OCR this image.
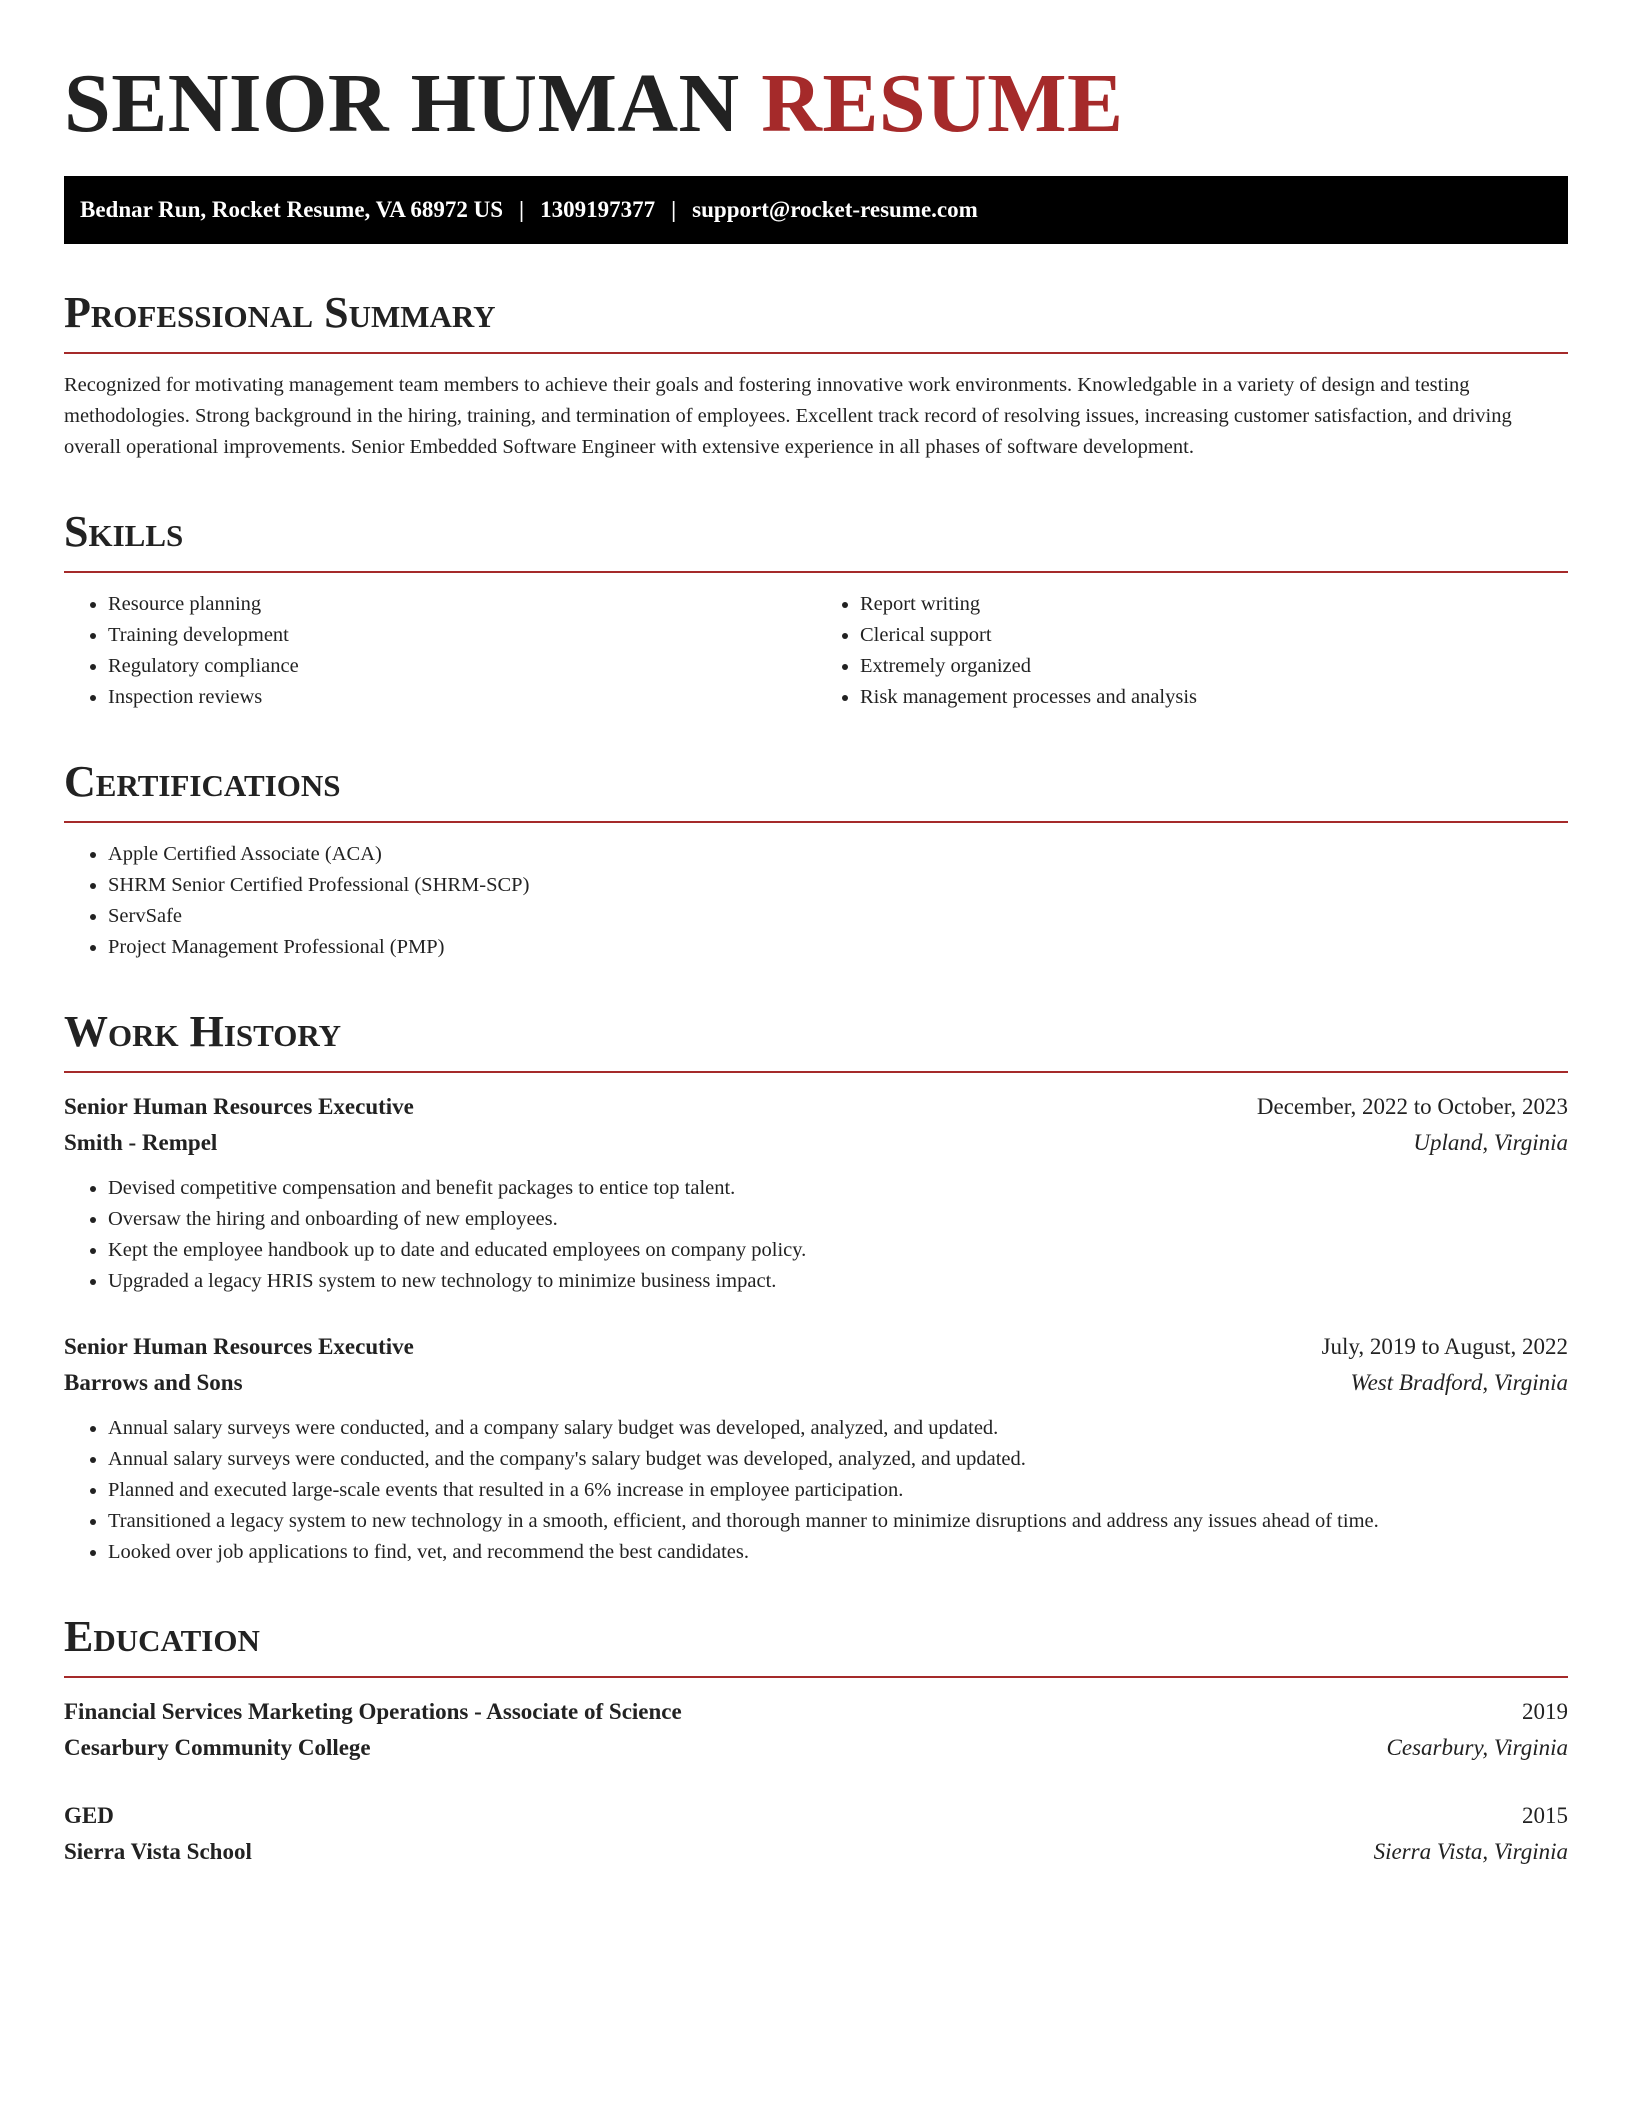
SENIOR HUMAN RESUME
Bednar Run, Rocket Resume, VA 68972 US | 1309197377 | support@rocket-resume.com
Professional Summary

Recognized for motivating management team members to achieve their goals and fostering innovative work environments. Knowledgable in a variety of design and testing methodologies. Strong background in the hiring, training, and termination of employees. Excellent track record of resolving issues, increasing customer satisfaction, and driving overall operational improvements. Senior Embedded Software Engineer with extensive experience in all phases of software development.

Skills
• Resource planning
• Training development
• Regulatory compliance
• Inspection reviews
• Report writing
• Clerical support
• Extremely organized
• Risk management processes and analysis
Certifications
• Apple Certified Associate (ACA)
• SHRM Senior Certified Professional (SHRM-SCP)
• ServSafe
• Project Management Professional (PMP)
Work History
Senior Human Resources Executive	December, 2022 to October, 2023
Smith - Rempel	Upland, Virginia
• Devised competitive compensation and benefit packages to entice top talent.
• Oversaw the hiring and onboarding of new employees.
• Kept the employee handbook up to date and educated employees on company policy.
• Upgraded a legacy HRIS system to new technology to minimize business impact.
Senior Human Resources Executive	July, 2019 to August, 2022
Barrows and Sons	West Bradford, Virginia
• Annual salary surveys were conducted, and a company salary budget was developed, analyzed, and updated.
• Annual salary surveys were conducted, and the company's salary budget was developed, analyzed, and updated.
• Planned and executed large-scale events that resulted in a 6% increase in employee participation.
• Transitioned a legacy system to new technology in a smooth, efficient, and thorough manner to minimize disruptions and address any issues ahead of time.
• Looked over job applications to find, vet, and recommend the best candidates.
Education
Financial Services Marketing Operations - Associate of Science	2019
Cesarbury Community College	Cesarbury, Virginia
GED	2015
Sierra Vista School	Sierra Vista, Virginia
